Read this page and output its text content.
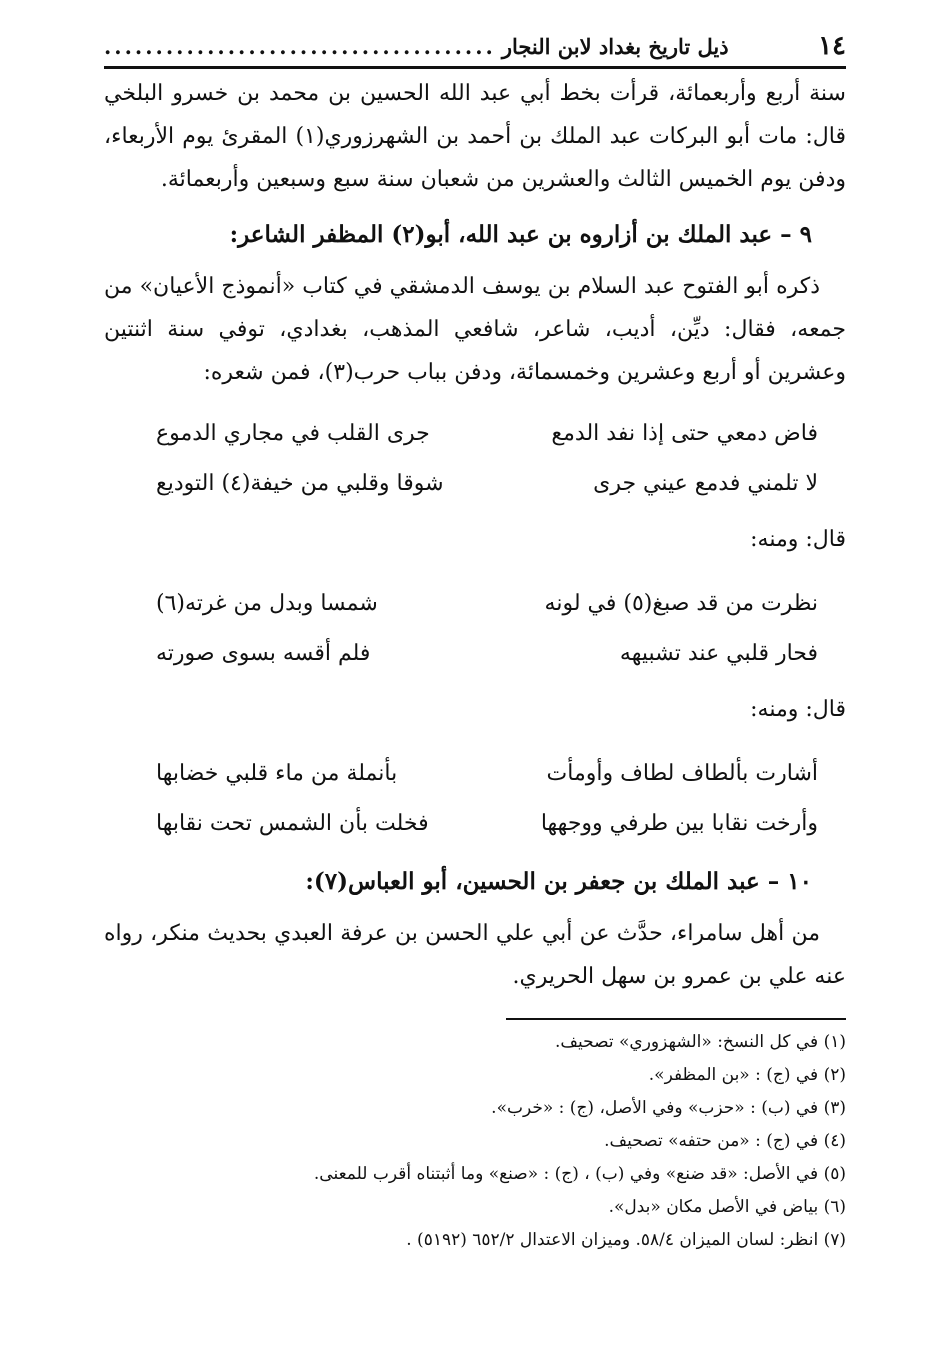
١٤
ذيل تاريخ بغداد لابن النجار
......................................

سنة أربع وأربعمائة، قرأت بخط أبي عبد الله الحسين بن محمد بن خسرو البلخي قال: مات أبو البركات عبد الملك بن أحمد بن الشهرزوري(١) المقرئ يوم الأربعاء، ودفن يوم الخميس الثالث والعشرين من شعبان سنة سبع وسبعين وأربعمائة.

٩ – عبد الملك بن أزاروه بن عبد الله، أبو(٢) المظفر الشاعر:

ذكره أبو الفتوح عبد السلام بن يوسف الدمشقي في كتاب «أنموذج الأعيان» من جمعه، فقال: ديِّن، أديب، شاعر، شافعي المذهب، بغدادي، توفي سنة اثنتين وعشرين أو أربع وعشرين وخمسمائة، ودفن بباب حرب(٣)، فمن شعره:

فاض دمعي حتى إذا نفد الدمع
جرى القلب في مجاري الدموع
لا تلمني فدمع عيني جرى
شوقا وقلبي من خيفة(٤) التوديع
قال: ومنه:
نظرت من قد صبغ(٥) في لونه
شمسا وبدل من غرته(٦)
فحار قلبي عند تشبيهه
فلم أقسه بسوى صورته
قال: ومنه:
أشارت بألطاف لطاف وأومأت
بأنملة من ماء قلبي خضابها
وأرخت نقابا بين طرفي ووجهها
فخلت بأن الشمس تحت نقابها
١٠ – عبد الملك بن جعفر بن الحسين، أبو العباس(٧):

من أهل سامراء، حدَّث عن أبي علي الحسن بن عرفة العبدي بحديث منكر، رواه عنه علي بن عمرو بن سهل الحريري.

(١) في كل النسخ: «الشهزوري» تصحيف.
(٢) في (ج) : «بن المظفر».
(٣) في (ب) : «حزب» وفي الأصل، (ج) : «خرب».
(٤) في (ج) : «من حتفه» تصحيف.
(٥) في الأصل: «قد ضنع» وفي (ب) ، (ج) : «صنع» وما أثبتناه أقرب للمعنى.
(٦) بياض في الأصل مكان «بدل».
(٧) انظر: لسان الميزان ٥٨/٤. وميزان الاعتدال ٦٥٢/٢ (٥١٩٢) .
